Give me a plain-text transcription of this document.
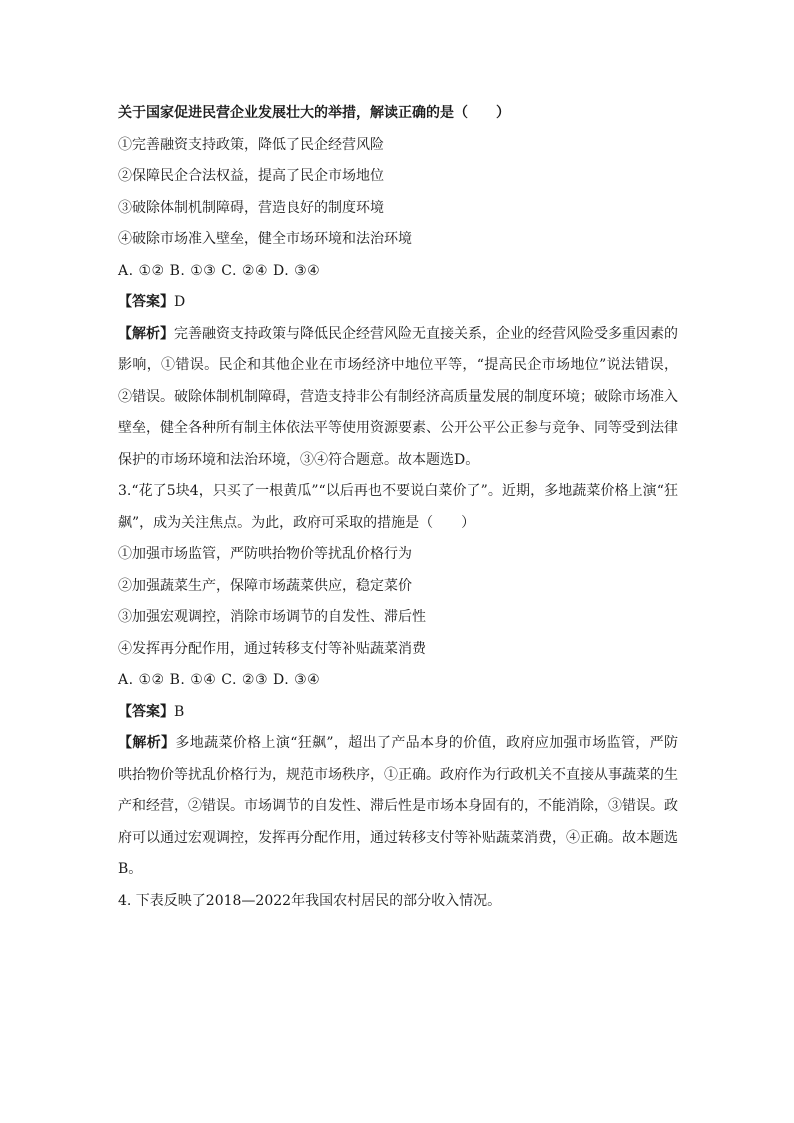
关于国家促进民营企业发展壮大的举措，解读正确的是（　　）
①完善融资支持政策，降低了民企经营风险
②保障民企合法权益，提高了民企市场地位
③破除体制机制障碍，营造良好的制度环境
④破除市场准入壁垒，健全市场环境和法治环境
A. ①② B. ①③ C. ②④ D. ③④
【答案】D
【解析】完善融资支持政策与降低民企经营风险无直接关系，企业的经营风险受多重因素的影响，①错误。民企和其他企业在市场经济中地位平等，“提高民企市场地位”说法错误，②错误。破除体制机制障碍，营造支持非公有制经济高质量发展的制度环境；破除市场准入壁垒，健全各种所有制主体依法平等使用资源要素、公开公平公正参与竞争、同等受到法律保护的市场环境和法治环境，③④符合题意。故本题选D。
3.“花了5块4，只买了一根黄瓜”“以后再也不要说白菜价了”。近期，多地蔬菜价格上演“狂飙”，成为关注焦点。为此，政府可采取的措施是（　　）
①加强市场监管，严防哄抬物价等扰乱价格行为
②加强蔬菜生产，保障市场蔬菜供应，稳定菜价
③加强宏观调控，消除市场调节的自发性、滞后性
④发挥再分配作用，通过转移支付等补贴蔬菜消费
A. ①② B. ①④ C. ②③ D. ③④
【答案】B
【解析】多地蔬菜价格上演“狂飙”，超出了产品本身的价值，政府应加强市场监管，严防哄抬物价等扰乱价格行为，规范市场秩序，①正确。政府作为行政机关不直接从事蔬菜的生产和经营，②错误。市场调节的自发性、滞后性是市场本身固有的，不能消除，③错误。政府可以通过宏观调控，发挥再分配作用，通过转移支付等补贴蔬菜消费，④正确。故本题选B。
4. 下表反映了2018—2022年我国农村居民的部分收入情况。
